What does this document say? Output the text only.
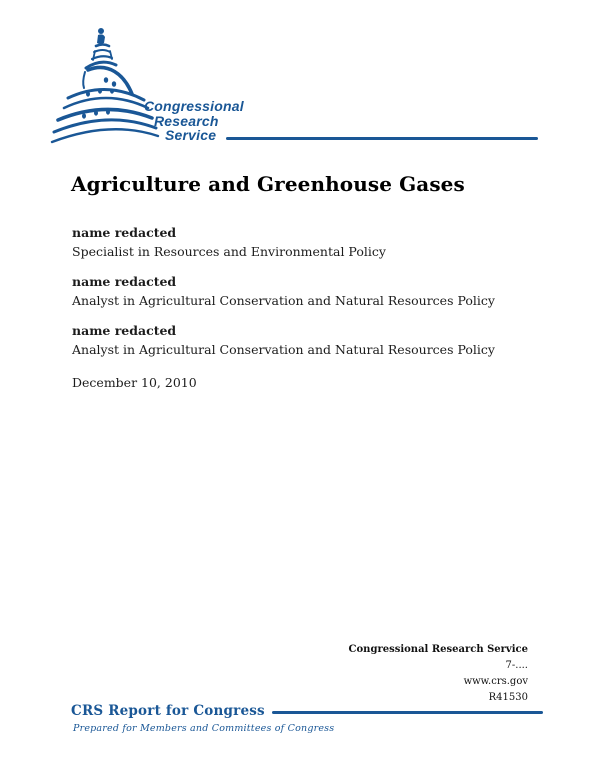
Congressional
Research
Service
Agriculture and Greenhouse Gases
name redacted
Specialist in Resources and Environmental Policy
name redacted
Analyst in Agricultural Conservation and Natural Resources Policy
name redacted
Analyst in Agricultural Conservation and Natural Resources Policy
December 10, 2010
Congressional Research Service
7-....
www.crs.gov
R41530
CRS Report for Congress
Prepared for Members and Committees of Congress
